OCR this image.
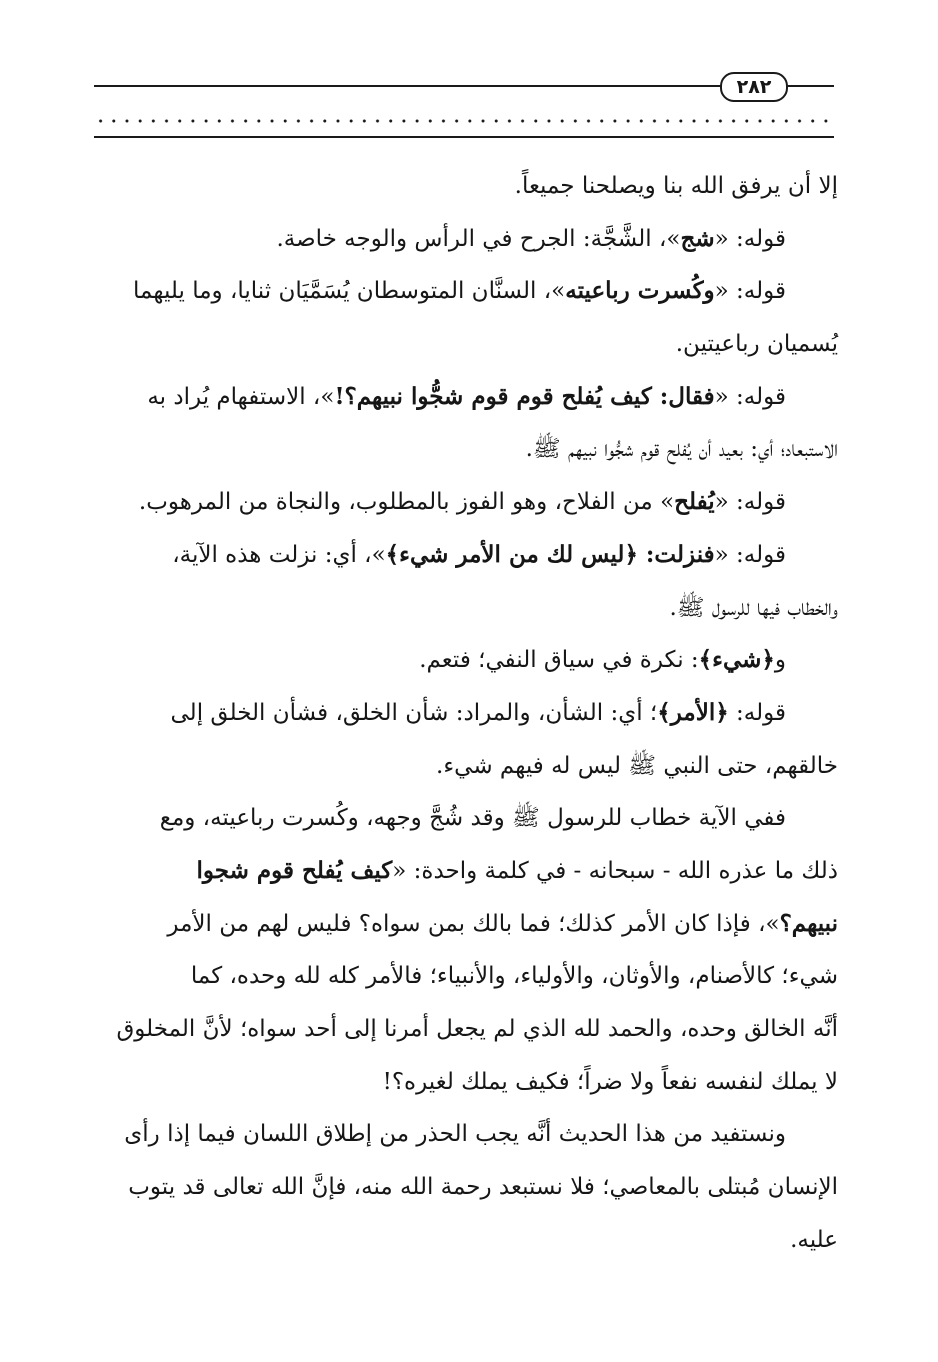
٢٨٢
إلا أن يرفق الله بنا ويصلحنا جميعاً.
قوله: «شج»، الشَّجَّة: الجرح في الرأس والوجه خاصة.
قوله: «وكُسرت رباعيته»، السنَّان المتوسطان يُسَمَّيَان ثنايا، وما يليهما
يُسميان رباعيتين.
قوله: «فقال: كيف يُفلح قوم قوم شجُّوا نبيهم؟!»، الاستفهام يُراد به
الاستبعاد؛ أي: بعيد أن يُفلح قوم شجُّوا نبيهم ﷺ.
قوله: «يُفلح» من الفلاح، وهو الفوز بالمطلوب، والنجاة من المرهوب.
قوله: «فنزلت: ﴿ليس لك من الأمر شيء﴾»، أي: نزلت هذه الآية،
والخطاب فيها للرسول ﷺ.
و﴿شيء﴾: نكرة في سياق النفي؛ فتعم.
قوله: ﴿الأمر﴾؛ أي: الشأن، والمراد: شأن الخلق، فشأن الخلق إلى
خالقهم، حتى النبي ﷺ ليس له فيهم شيء.
ففي الآية خطاب للرسول ﷺ وقد شُجَّ وجهه، وكُسرت رباعيته، ومع
ذلك ما عذره الله - سبحانه - في كلمة واحدة: «كيف يُفلح قوم شجوا
نبيهم؟»، فإذا كان الأمر كذلك؛ فما بالك بمن سواه؟ فليس لهم من الأمر
شيء؛ كالأصنام، والأوثان، والأولياء، والأنبياء؛ فالأمر كله لله وحده، كما
أنَّه الخالق وحده، والحمد لله الذي لم يجعل أمرنا إلى أحد سواه؛ لأنَّ المخلوق
لا يملك لنفسه نفعاً ولا ضراً؛ فكيف يملك لغيره؟!
ونستفيد من هذا الحديث أنَّه يجب الحذر من إطلاق اللسان فيما إذا رأى
الإنسان مُبتلى بالمعاصي؛ فلا نستبعد رحمة الله منه، فإنَّ الله تعالى قد يتوب
عليه.
